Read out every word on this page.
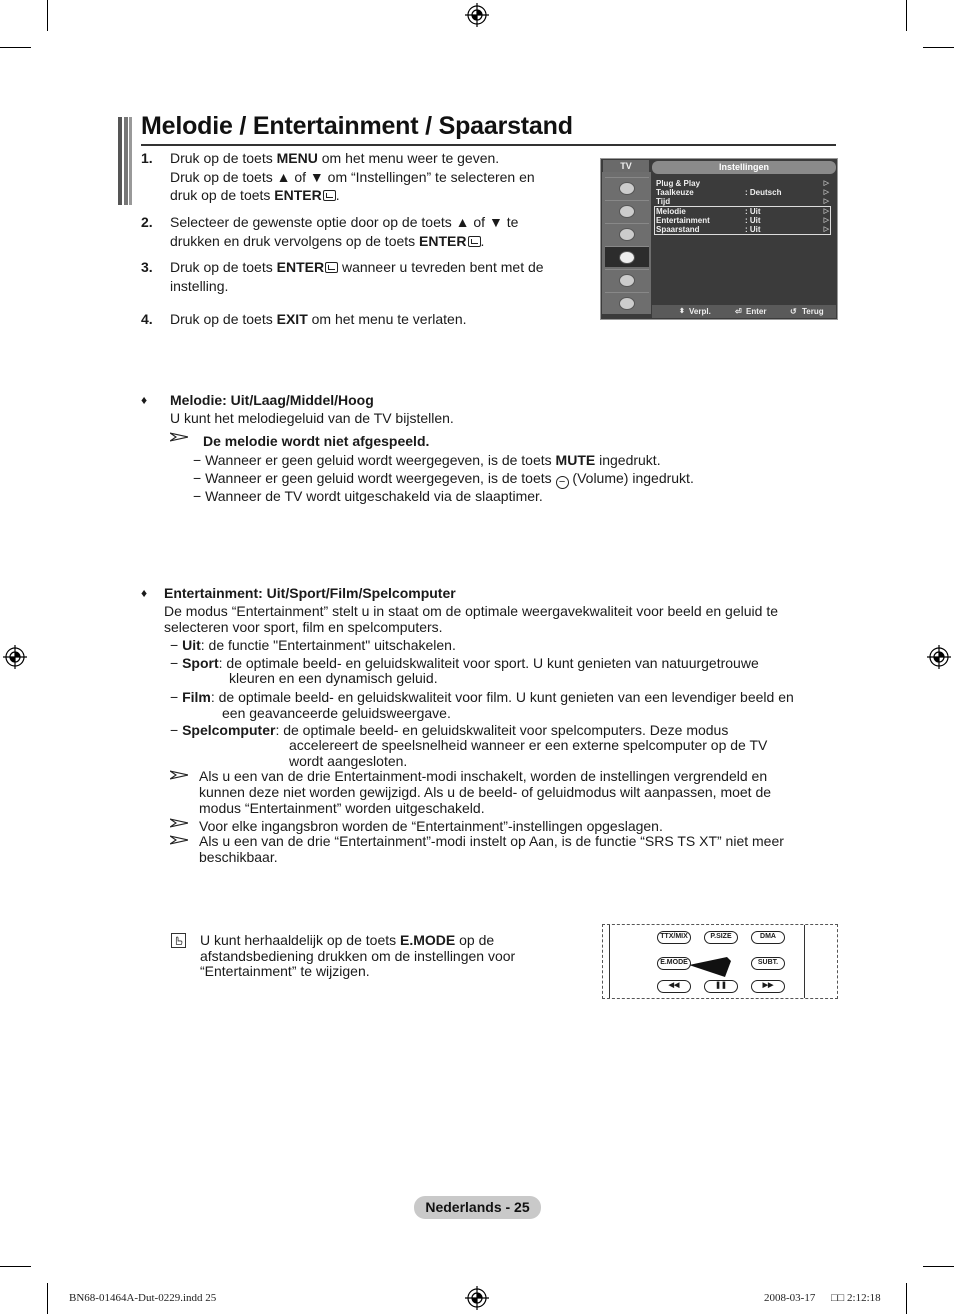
Melodie / Entertainment / Spaarstand
1. Druk op de toets MENU om het menu weer te geven.
Druk op de toets ▲ of ▼ om “Instellingen” te selecteren en
druk op de toets ENTER .
2. Selecteer de gewenste optie door op de toets ▲ of ▼ te
drukken en druk vervolgens op de toets ENTER .
3. Druk op de toets ENTER wanneer u tevreden bent met de
instelling.
4. Druk op de toets EXIT om het menu te verlaten.
TV	Instellingen
Plug & Play	▷
Taalkeuze	: Deutsch	▷
Tijd	▷
Melodie	: Uit	▷
Entertainment	: Uit	▷
Spaarstand	: Uit	▷
⬍ Verpl.	⏎ Enter	↺ Terug
♦ Melodie: Uit/Laag/Middel/Hoog
U kunt het melodiegeluid van de TV bijstellen.
De melodie wordt niet afgespeeld.
− Wanneer er geen geluid wordt weergegeven, is de toets MUTE ingedrukt.
− Wanneer er geen geluid wordt weergegeven, is de toets − (Volume) ingedrukt.
− Wanneer de TV wordt uitgeschakeld via de slaaptimer.
♦ Entertainment: Uit/Sport/Film/Spelcomputer
De modus “Entertainment” stelt u in staat om de optimale weergavekwaliteit voor beeld en geluid te
selecteren voor sport, film en spelcomputers.
− Uit: de functie "Entertainment" uitschakelen.
− Sport: de optimale beeld- en geluidskwaliteit voor sport. U kunt genieten van natuurgetrouwe
kleuren en een dynamisch geluid.
− Film: de optimale beeld- en geluidskwaliteit voor film. U kunt genieten van een levendiger beeld en
een geavanceerde geluidsweergave.
− Spelcomputer: de optimale beeld- en geluidskwaliteit voor spelcomputers. Deze modus
accelereert de speelsnelheid wanneer er een externe spelcomputer op de TV
wordt aangesloten.
Als u een van de drie Entertainment-modi inschakelt, worden de instellingen vergrendeld en
kunnen deze niet worden gewijzigd. Als u de beeld- of geluidmodus wilt aanpassen, moet de
modus “Entertainment” worden uitgeschakeld.
Voor elke ingangsbron worden de “Entertainment”-instellingen opgeslagen.
Als u een van de drie “Entertainment”-modi instelt op Aan, is de functie “SRS TS XT” niet meer
beschikbaar.
U kunt herhaaldelijk op de toets E.MODE op de
afstandsbediening drukken om de instellingen voor
“Entertainment” te wijzigen.
TTX/MIX	P.SIZE	DMA
E.MODE	SUBT.
◀◀	❚❚	▶▶
Nederlands - 25
BN68-01464A-Dut-0229.indd 25	2008-03-17 □□ 2:12:18
